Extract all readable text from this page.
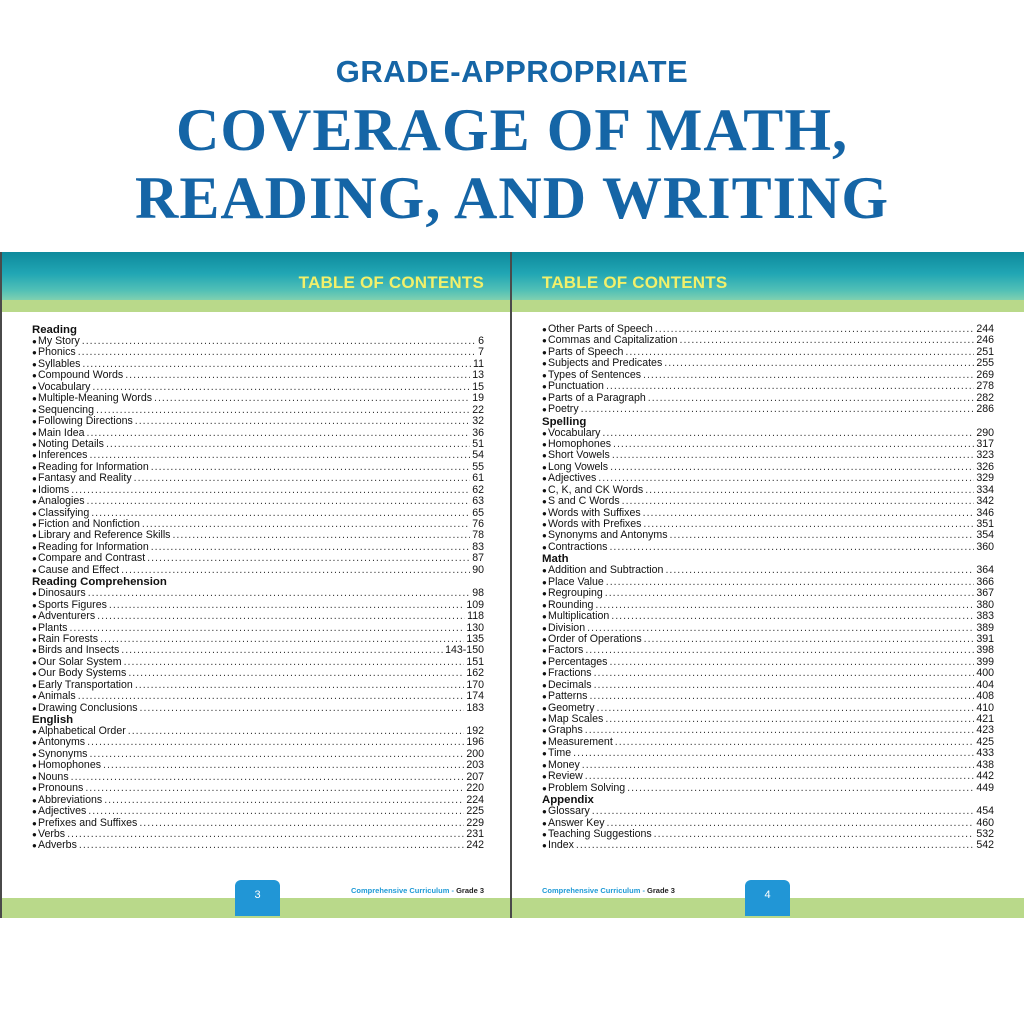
GRADE-APPROPRIATE
COVERAGE OF MATH,
READING, AND WRITING
TABLE OF CONTENTS
Reading
● My Story .....	6
● Phonics .....	7
● Syllables .....	11
● Compound Words .....	13
● Vocabulary .....	15
● Multiple-Meaning Words .....	19
● Sequencing .....	22
● Following Directions .....	32
● Main Idea .....	36
● Noting Details .....	51
● Inferences .....	54
● Reading for Information .....	55
● Fantasy and Reality .....	61
● Idioms .....	62
● Analogies .....	63
● Classifying .....	65
● Fiction and Nonfiction .....	76
● Library and Reference Skills .....	78
● Reading for Information .....	83
● Compare and Contrast .....	87
● Cause and Effect .....	90
Reading Comprehension
● Dinosaurs .....	98
● Sports Figures .....	109
● Adventurers .....	118
● Plants .....	130
● Rain Forests .....	135
● Birds and Insects .....	143-150
● Our Solar System .....	151
● Our Body Systems .....	162
● Early Transportation .....	170
● Animals .....	174
● Drawing Conclusions .....	183
English
● Alphabetical Order .....	192
● Antonyms .....	196
● Synonyms .....	200
● Homophones .....	203
● Nouns .....	207
● Pronouns .....	220
● Abbreviations .....	224
● Adjectives .....	225
● Prefixes and Suffixes .....	229
● Verbs .....	231
● Adverbs .....	242
3	Comprehensive Curriculum - Grade 3
TABLE OF CONTENTS
● Other Parts of Speech .....	244
● Commas and Capitalization .....	246
● Parts of Speech .....	251
● Subjects and Predicates .....	255
● Types of Sentences .....	269
● Punctuation .....	278
● Parts of a Paragraph .....	282
● Poetry .....	286
Spelling
● Vocabulary .....	290
● Homophones .....	317
● Short Vowels .....	323
● Long Vowels .....	326
● Adjectives .....	329
● C, K, and CK Words .....	334
● S and C Words .....	342
● Words with Suffixes .....	346
● Words with Prefixes .....	351
● Synonyms and Antonyms .....	354
● Contractions .....	360
Math
● Addition and Subtraction .....	364
● Place Value .....	366
● Regrouping .....	367
● Rounding .....	380
● Multiplication .....	383
● Division .....	389
● Order of Operations .....	391
● Factors .....	398
● Percentages .....	399
● Fractions .....	400
● Decimals .....	404
● Patterns .....	408
● Geometry .....	410
● Map Scales .....	421
● Graphs .....	423
● Measurement .....	425
● Time .....	433
● Money .....	438
● Review .....	442
● Problem Solving .....	449
Appendix
● Glossary .....	454
● Answer Key .....	460
● Teaching Suggestions .....	532
● Index .....	542
4
Comprehensive Curriculum - Grade 3
